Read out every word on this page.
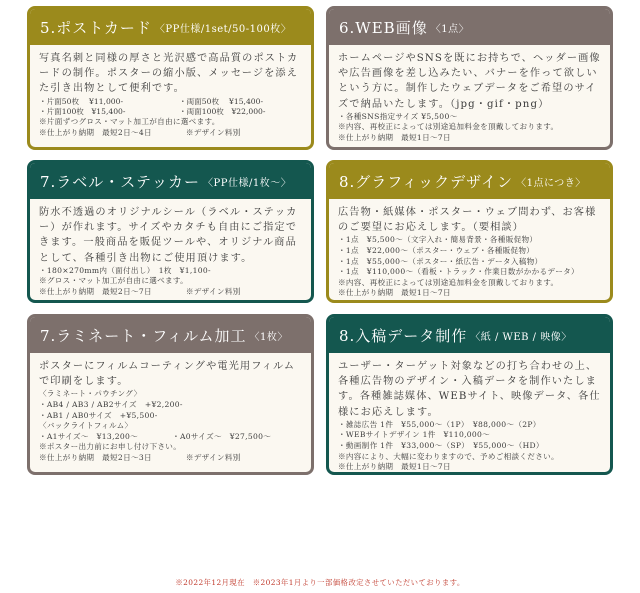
5.ポストカード 〈PP仕様/1set/50-100枚〉
写真名刺と同様の厚さと光沢感で高品質のポストカードの制作。ポスターの縮小版、メッセージを添えた引き出物として便利です。
・片面50枚　 ¥11,000-	・両面50枚　 ¥15,400-
・片面100枚　¥15,400-	・両面100枚　¥22,000-
※片面ずつグロス・マット加工が自由に選べます。
※仕上がり納期　最短2日〜4日	※デザイン料別
6.WEB画像 〈1点〉
ホームページやSNSを既にお持ちで、ヘッダー画像や広告画像を差し込みたい、バナーを作って欲しいという方に。制作したウェブデータをご希望のサイズで納品いたします。（jpg・gif・png）
・各種SNS指定サイズ ¥5,500〜
※内容、再校正によっては別途追加料金を頂戴しております。
※仕上がり納期　最短1日〜7日
7.ラベル・ステッカー 〈PP仕様/1枚〜〉
防水不透過のオリジナルシール（ラベル・ステッカー）が作れます。サイズやカタチも自由にご指定できます。一般商品を販促ツールや、オリジナル商品として、各種引き出物にご使用頂けます。
・180×270mm内（面付出し）　1枚　¥1,100-
※グロス・マット加工が自由に選べます。
※仕上がり納期　最短2日〜7日	※デザイン料別
8.グラフィックデザイン 〈1点につき〉
広告物・紙媒体・ポスター・ウェブ問わず、お客様のご要望にお応えします。（要相談）
・1点　¥5,500〜（文字入れ・簡易背景・各種販促物）
・1点　¥22,000〜（ポスター・ウェブ・各種販促物）
・1点　¥55,000〜（ポスター・紙広告・データ入稿物）
・1点　¥110,000〜（看板・トラック・作業日数がかかるデータ）
※内容、再校正によっては別途追加料金を頂戴しております。
※仕上がり納期　最短1日〜7日
7.ラミネート・フィルム加工 〈1枚〉
ポスターにフィルムコーティングや電光用フィルムで印刷をします。
〈ラミネート・パウチング〉
・AB4 / AB3 / AB2サイズ　+¥2,200-
・AB1 / AB0サイズ　+¥5,500-
〈バックライトフィルム〉
・A1サイズ〜　¥13,200〜	・A0サイズ〜　¥27,500〜
※ポスター出力前にお申し付け下さい。
※仕上がり納期　最短2日〜3日	※デザイン料別
8.入稿データ制作 〈紙 / WEB / 映像〉
ユーザー・ターゲット対象などの打ち合わせの上、各種広告物のデザイン・入稿データを制作いたします。各種雑誌媒体、WEBサイト、映像データ、各仕様にお応えします。
・雑誌広告 1件　¥55,000〜（1P）　¥88,000〜（2P）
・WEBサイトデザイン 1件　¥110,000〜
・動画制作 1件　¥33,000〜（SP）　¥55,000〜（HD）
※内容により、大幅に変わりますので、予めご相談ください。
※仕上がり納期　最短1日〜7日
※2022年12月現在　※2023年1月より一部価格改定させていただいております。
